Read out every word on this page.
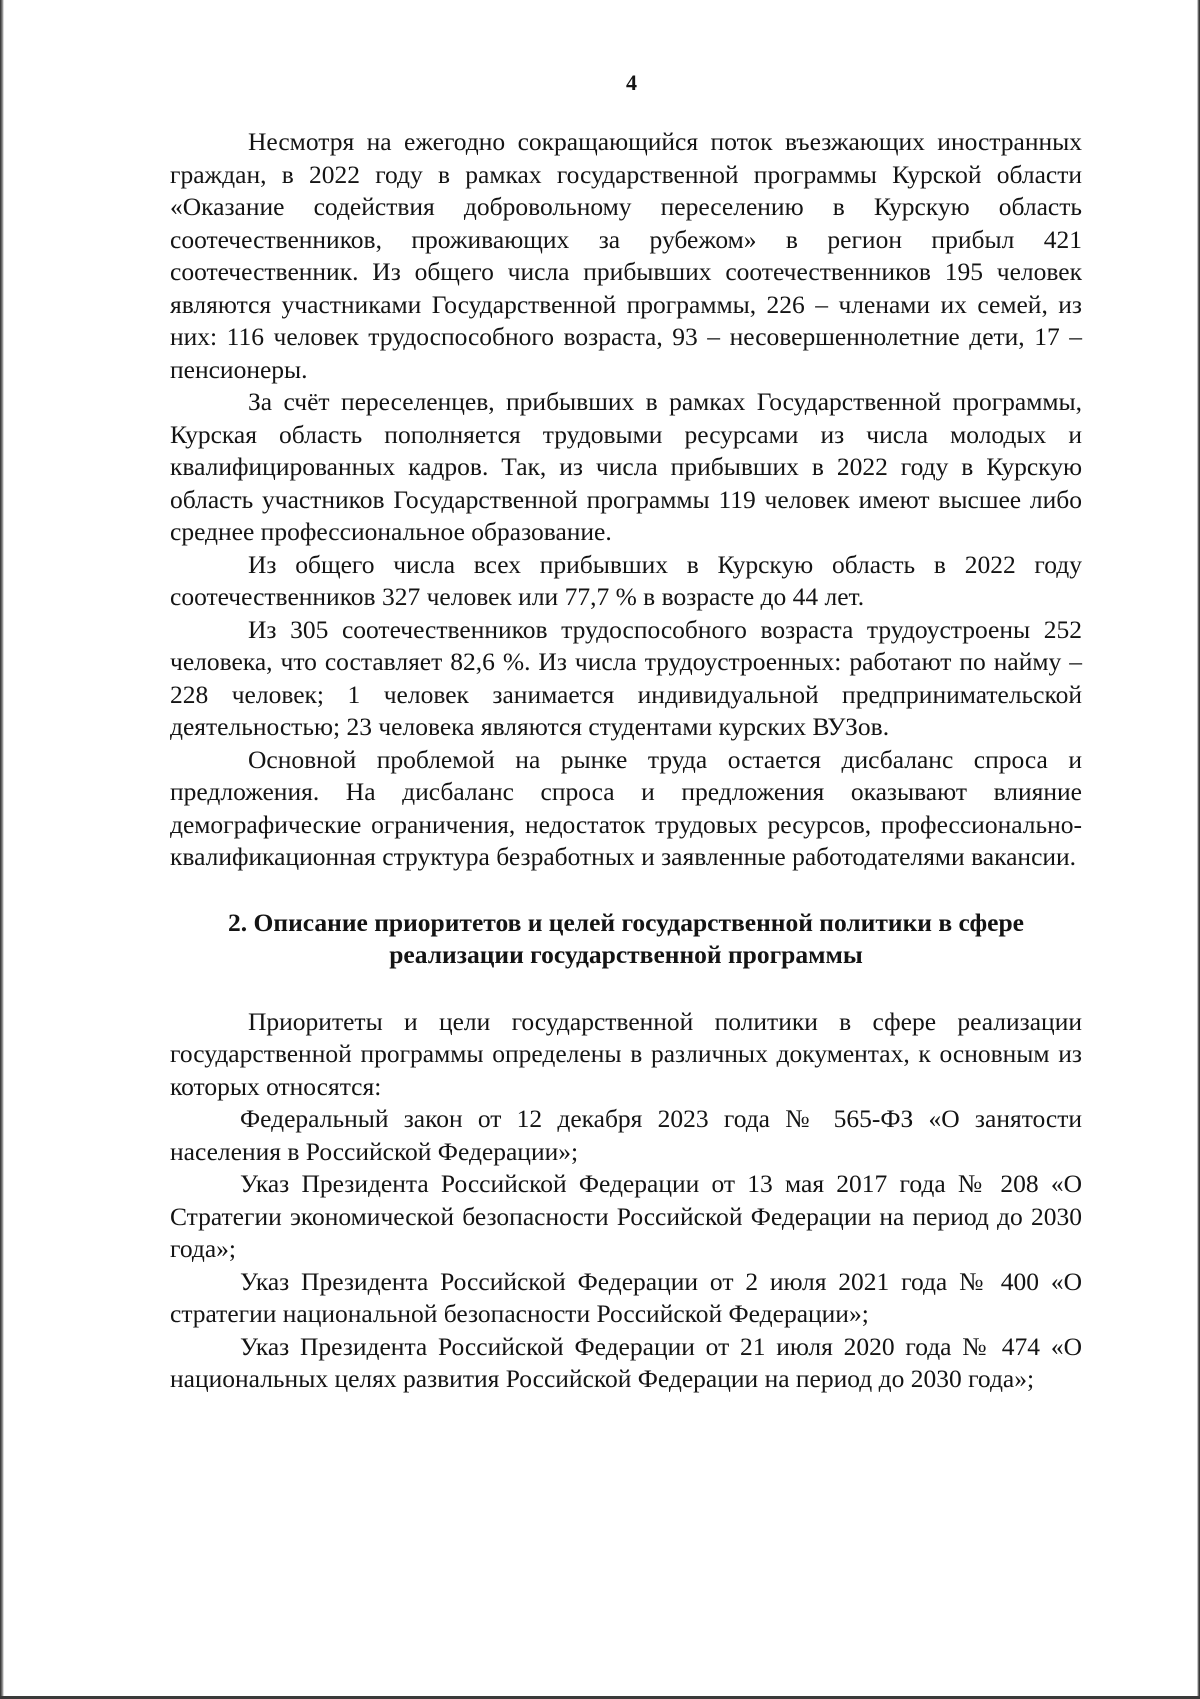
4

Несмотря на ежегодно сокращающийся поток въезжающих иностранных граждан, в 2022 году в рамках государственной программы Курской области «Оказание содействия добровольному переселению в Курскую область соотечественников, проживающих за рубежом» в регион прибыл 421 соотечественник. Из общего числа прибывших соотечественников 195 человек являются участниками Государственной программы, 226 – членами их семей, из них: 116 человек трудоспособного возраста, 93 – несовершеннолетние дети, 17 – пенсионеры.

За счёт переселенцев, прибывших в рамках Государственной программы, Курская область пополняется трудовыми ресурсами из числа молодых и квалифицированных кадров. Так, из числа прибывших в 2022 году в Курскую область участников Государственной программы 119 человек имеют высшее либо среднее профессиональное образование.

Из общего числа всех прибывших в Курскую область в 2022 году соотечественников 327 человек или 77,7 % в возрасте до 44 лет.

Из 305 соотечественников трудоспособного возраста трудоустроены 252 человека, что составляет 82,6 %. Из числа трудоустроенных: работают по найму – 228 человек; 1 человек занимается индивидуальной предпринимательской деятельностью; 23 человека являются студентами курских ВУЗов.

Основной проблемой на рынке труда остается дисбаланс спроса и предложения. На дисбаланс спроса и предложения оказывают влияние демографические ограничения, недостаток трудовых ресурсов, профессионально-квалификационная структура безработных и заявленные работодателями вакансии.

2. Описание приоритетов и целей государственной политики в сфере реализации государственной программы

Приоритеты и цели государственной политики в сфере реализации государственной программы определены в различных документах, к основным из которых относятся:

Федеральный закон от 12 декабря 2023 года № 565-ФЗ «О занятости населения в Российской Федерации»;

Указ Президента Российской Федерации от 13 мая 2017 года № 208 «О Стратегии экономической безопасности Российской Федерации на период до 2030 года»;

Указ Президента Российской Федерации от 2 июля 2021 года № 400 «О стратегии национальной безопасности Российской Федерации»;

Указ Президента Российской Федерации от 21 июля 2020 года № 474 «О национальных целях развития Российской Федерации на период до 2030 года»;
